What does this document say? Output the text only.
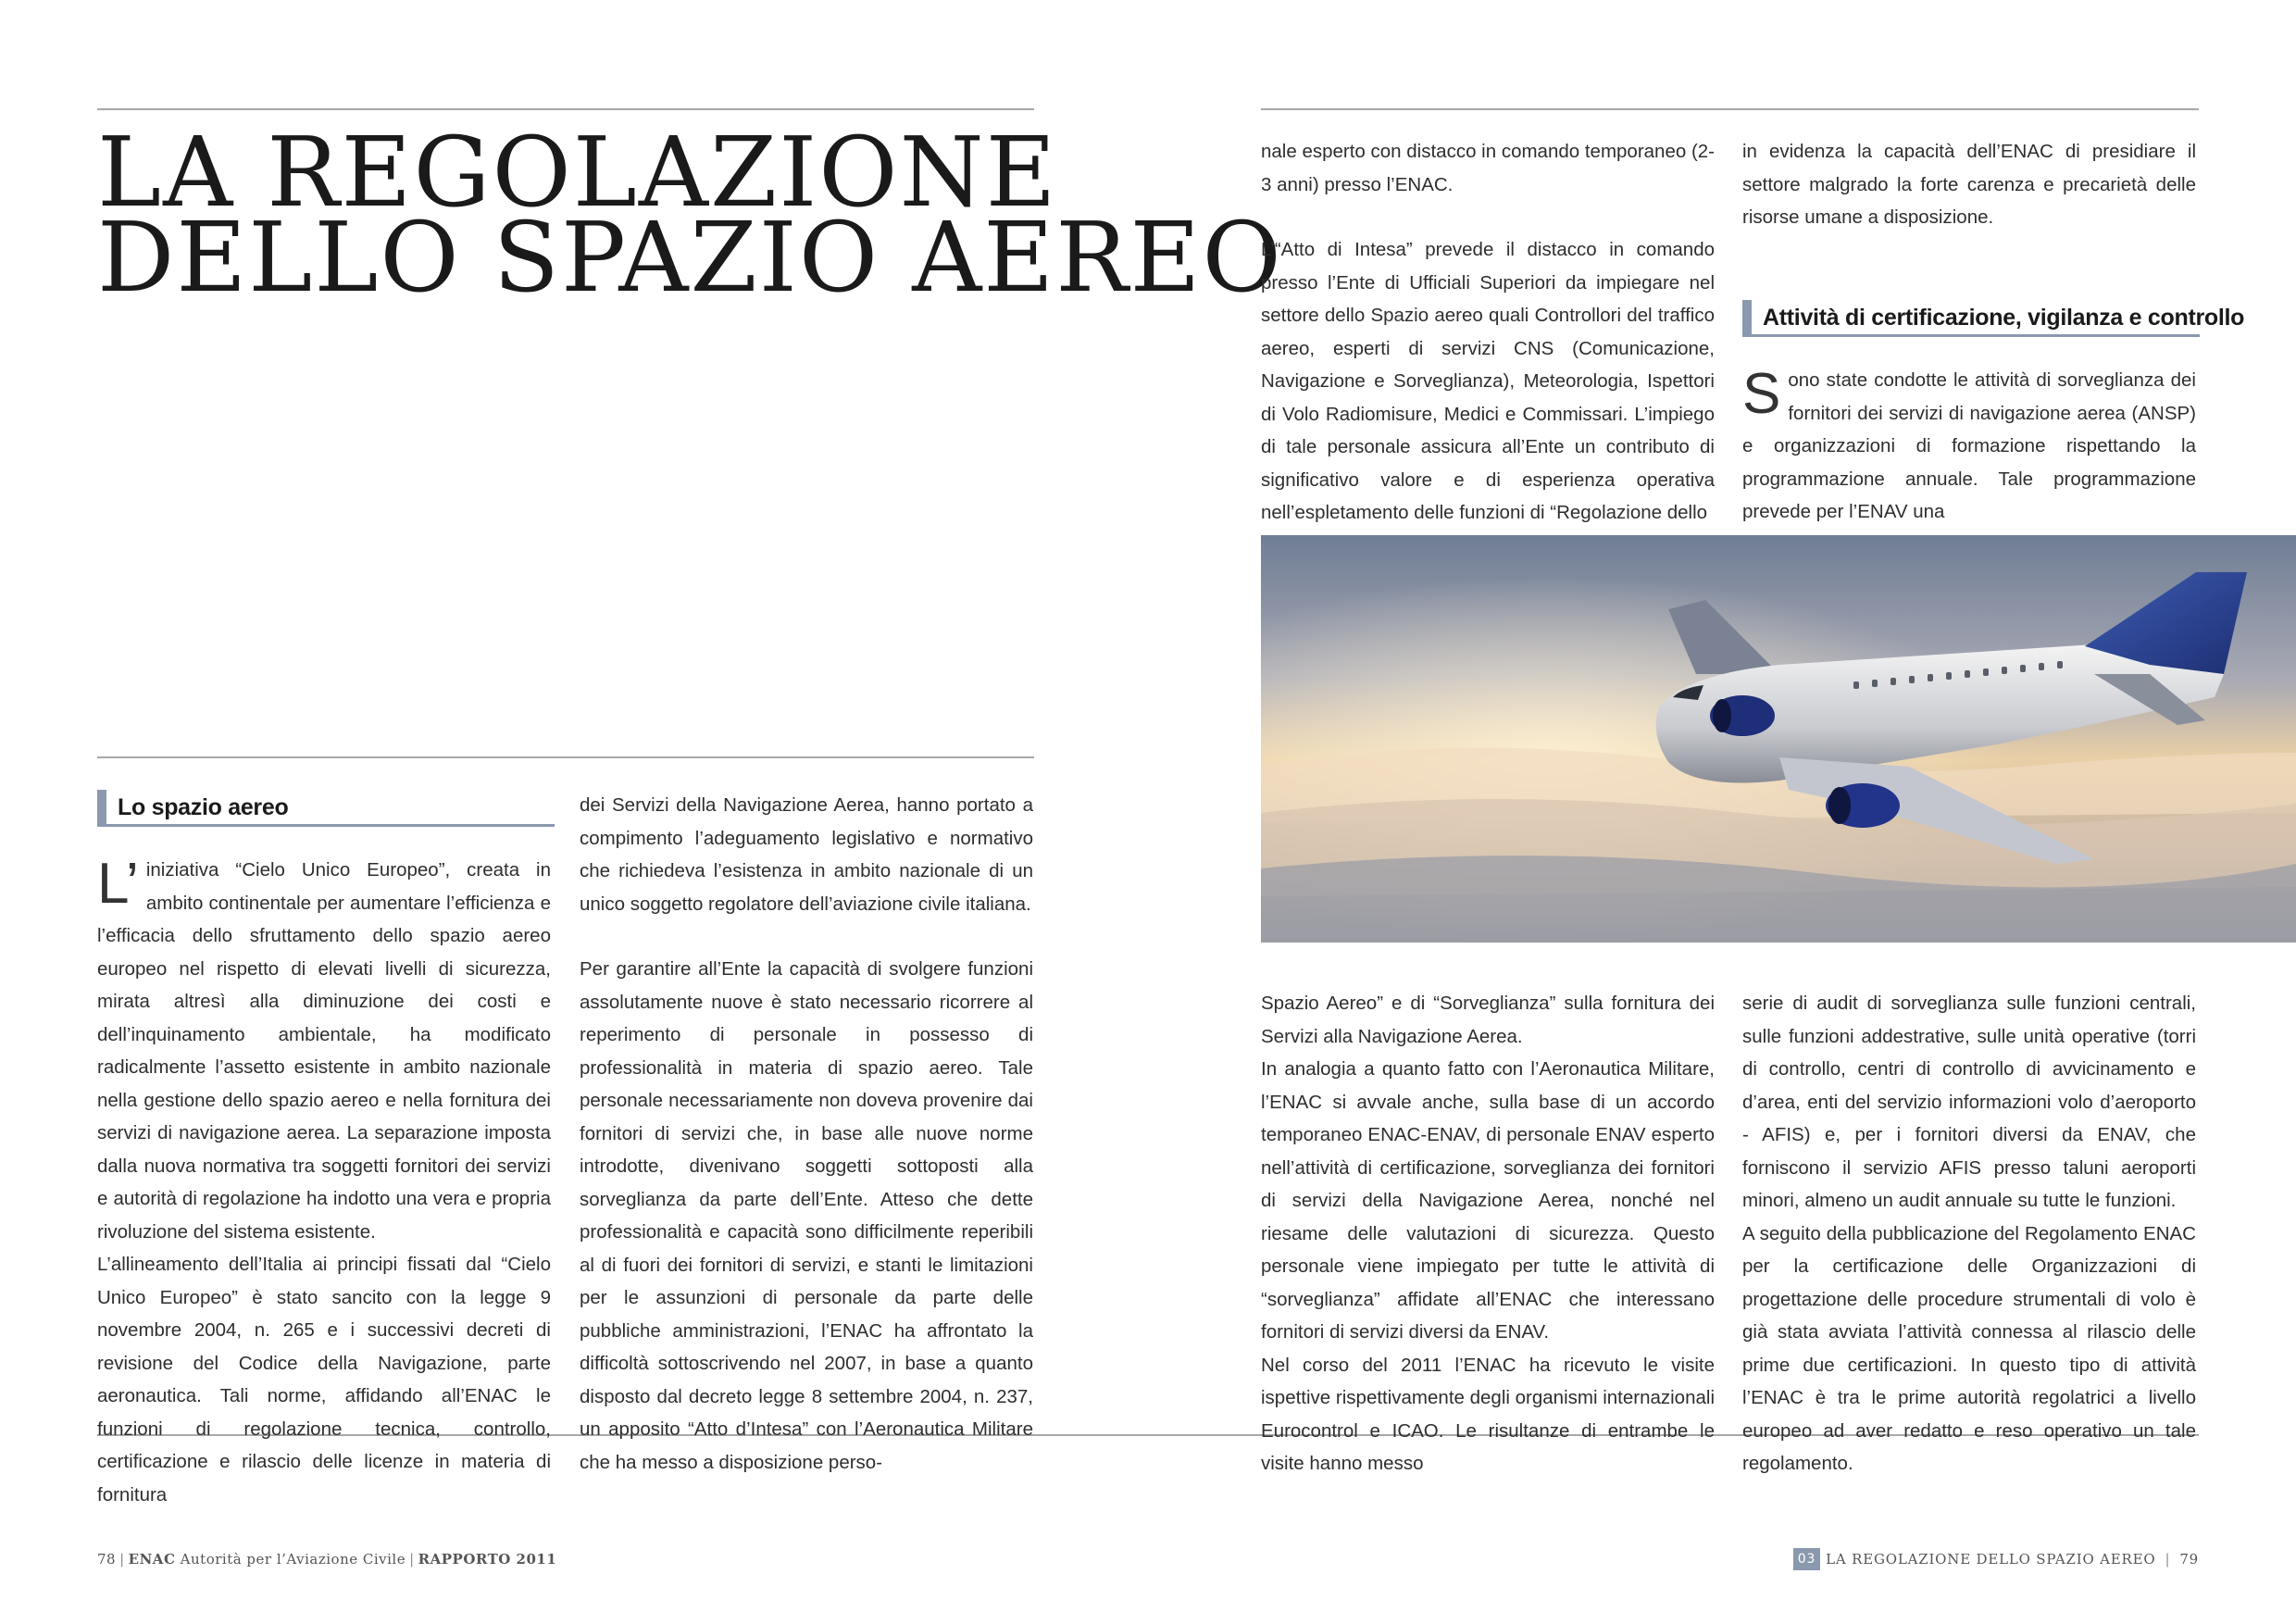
LA REGOLAZIONE
DELLO SPAZIO AEREO
Lo spazio aereo

L’ iniziativa “Cielo Unico Europeo”, creata in ambito continentale per aumentare l’efficienza e l’efficacia dello sfruttamento dello spazio aereo europeo nel rispetto di elevati livelli di sicurezza, mirata altresì alla diminuzione dei costi e dell’inquinamento ambientale, ha modificato radicalmente l’assetto esistente in ambito nazionale nella gestione dello spazio aereo e nella fornitura dei servizi di navigazione aerea. La separazione imposta dalla nuova normativa tra soggetti fornitori dei servizi e autorità di regolazione ha indotto una vera e propria rivoluzione del sistema esistente.

L’allineamento dell’Italia ai principi fissati dal “Cielo Unico Europeo” è stato sancito con la legge 9 novembre 2004, n. 265 e i successivi decreti di revisione del Codice della Navigazione, parte aeronautica. Tali norme, affidando all’ENAC le funzioni di regolazione tecnica, controllo, certificazione e rilascio delle licenze in materia di fornitura

dei Servizi della Navigazione Aerea, hanno portato a compimento l’adeguamento legislativo e normativo che richiedeva l’esistenza in ambito nazionale di un unico soggetto regolatore dell’aviazione civile italiana.

Per garantire all’Ente la capacità di svolgere funzioni assolutamente nuove è stato necessario ricorrere al reperimento di personale in possesso di professionalità in materia di spazio aereo. Tale personale necessariamente non doveva provenire dai fornitori di servizi che, in base alle nuove norme introdotte, divenivano soggetti sottoposti alla sorveglianza da parte dell’Ente. Atteso che dette professionalità e capacità sono difficilmente reperibili al di fuori dei fornitori di servizi, e stanti le limitazioni per le assunzioni di personale da parte delle pubbliche amministrazioni, l’ENAC ha affrontato la difficoltà sottoscrivendo nel 2007, in base a quanto disposto dal decreto legge 8 settembre 2004, n. 237, un apposito “Atto d’Intesa” con l’Aeronautica Militare che ha messo a disposizione perso-

nale esperto con distacco in comando temporaneo (2-3 anni) presso l’ENAC.

L’“Atto di Intesa” prevede il distacco in comando presso l’Ente di Ufficiali Superiori da impiegare nel settore dello Spazio aereo quali Controllori del traffico aereo, esperti di servizi CNS (Comunicazione, Navigazione e Sorveglianza), Meteorologia, Ispettori di Volo Radiomisure, Medici e Commissari. L’impiego di tale personale assicura all’Ente un contributo di significativo valore e di esperienza operativa nell’espletamento delle funzioni di “Regolazione dello

in evidenza la capacità dell’ENAC di presidiare il settore malgrado la forte carenza e precarietà delle risorse umane a disposizione.

Attività di certificazione, vigilanza e controllo

Sono state condotte le attività di sorveglianza dei fornitori dei servizi di navigazione aerea (ANSP) e organizzazioni di formazione rispettando la programmazione annuale. Tale programmazione prevede per l’ENAV una

Spazio Aereo” e di “Sorveglianza” sulla fornitura dei Servizi alla Navigazione Aerea.

In analogia a quanto fatto con l’Aeronautica Militare, l’ENAC si avvale anche, sulla base di un accordo temporaneo ENAC-ENAV, di personale ENAV esperto nell’attività di certificazione, sorveglianza dei fornitori di servizi della Navigazione Aerea, nonché nel riesame delle valutazioni di sicurezza. Questo personale viene impiegato per tutte le attività di “sorveglianza” affidate all’ENAC che interessano fornitori di servizi diversi da ENAV.

Nel corso del 2011 l’ENAC ha ricevuto le visite ispettive rispettivamente degli organismi internazionali Eurocontrol e ICAO. Le risultanze di entrambe le visite hanno messo

serie di audit di sorveglianza sulle funzioni centrali, sulle funzioni addestrative, sulle unità operative (torri di controllo, centri di controllo di avvicinamento e d’area, enti del servizio informazioni volo d’aeroporto - AFIS) e, per i fornitori diversi da ENAV, che forniscono il servizio AFIS presso taluni aeroporti minori, almeno un audit annuale su tutte le funzioni.

A seguito della pubblicazione del Regolamento ENAC per la certificazione delle Organizzazioni di progettazione delle procedure strumentali di volo è già stata avviata l’attività connessa al rilascio delle prime due certificazioni. In questo tipo di attività l’ENAC è tra le prime autorità regolatrici a livello europeo ad aver redatto e reso operativo un tale regolamento.

78 | ENAC Autorità per l’Aviazione Civile | RAPPORTO 2011	03 LA REGOLAZIONE DELLO SPAZIO AEREO | 79
